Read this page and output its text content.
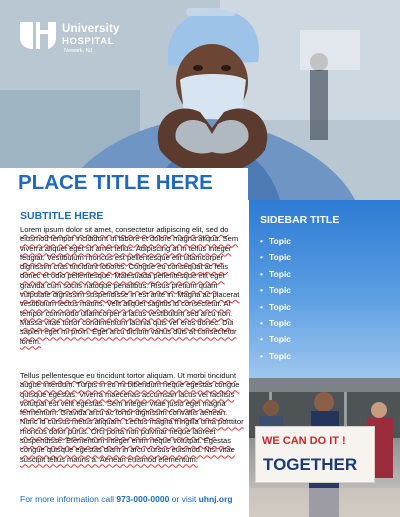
University
HOSPITAL
Newark, NJ
PLACE TITLE HERE
SUBTITLE HERE

Lorem ipsum dolor sit amet, consectetur adipiscing elit, sed do eiusmod tempor incididunt ut labore et dolore magna aliqua. Sem viverra aliquet eget sit amet tellus. Adipiscing at in tellus integer feugiat. Vestibulum rhoncus est pellentesque elit ullamcorper dignissim cras tincidunt lobortis. Congue eu consequat ac felis donec et odio pellentesque. Malesuada pellentesque elit eget gravida cum sociis natoque penatibus. Risus pretium quam vulputate dignissim suspendisse in est ante in. Magna ac placerat vestibulum lectus mauris. Velit aliquet sagittis id consectetur. At tempor commodo ullamcorper a lacus vestibulum sed arcu non. Massa vitae tortor condimentum lacinia quis vel eros donec. Dui sapien eget mi proin. Eget arcu dictum varius duis at consectetur lorem.

Tellus pellentesque eu tincidunt tortor aliquam. Ut morbi tincidunt augue interdum. Turpis in eu mi bibendum neque egestas congue quisque egestas. Viverra maecenas accumsan lacus vel facilisis volutpat est velit egestas. Sem integer vitae justo eget magna fermentum. Gravida arcu ac tortor dignissim convallis aenean. Nunc id cursus metus aliquam. Lectus magna fringilla urna porttitor rhoncus dolor purus. Orci porta non pulvinar neque laoreet suspendisse. Elementum integer enim neque volutpat. Egestas congue quisque egestas diam in arcu cursus euismod. Nisi vitae suscipit tellus mauris a. Aenean euismod elementum.

For more information call 973-000-0000 or visit uhnj.org
SIDEBAR TITLE
• Topic
• Topic
• Topic
• Topic
• Topic
• Topic
• Topic
• Topic
WE CAN DO IT !
TOGETHER
